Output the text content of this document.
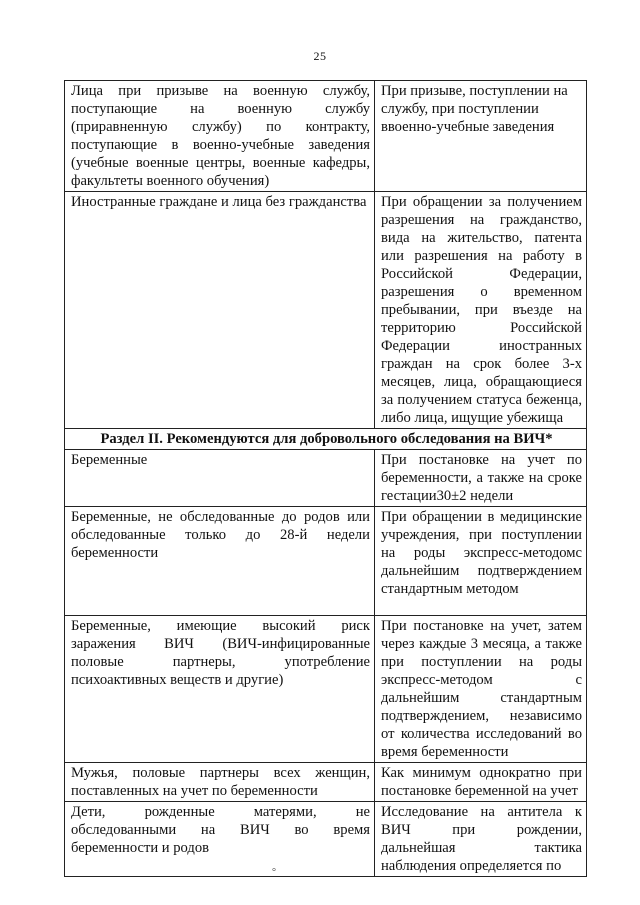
25
Лица при призыве на военную службу, поступающие на военную службу (приравненную службу) по контракту, поступающие в военно-учебные заведения (учебные военные центры, военные кафедры, факультеты военного обучения)	При призыве, поступлении на службу, при поступлении ввоенно-учебные заведения
Иностранные граждане и лица без гражданства	При обращении за получением разрешения на гражданство, вида на жительство, патента или разрешения на работу в Российской Федерации, разрешения о временном пребывании, при въезде на территорию Российской Федерации иностранных граждан на срок более 3-х месяцев, лица, обращающиеся за получением статуса беженца, либо лица, ищущие убежища
Раздел II. Рекомендуются для добровольного обследования на ВИЧ*	
Беременные	При постановке на учет по беременности, а также на сроке гестации30±2 недели
Беременные, не обследованные до родов или обследованные только до 28-й недели беременности	При обращении в медицинские учреждения, при поступлении на роды экспресс-методомс дальнейшим подтверждением стандартным методом
Беременные, имеющие высокий риск заражения ВИЧ (ВИЧ-инфицированные половые партнеры, употребление психоактивных веществ и другие)	При постановке на учет, затем через каждые 3 месяца, а также при поступлении на роды экспресс-методом с дальнейшим стандартным подтверждением, независимо от количества исследований во время беременности
Мужья, половые партнеры всех женщин, поставленных на учет по беременности	Как минимум однократно при постановке беременной на учет
Дети, рожденные матерями, не обследованными на ВИЧ во время беременности и родов	Исследование на антитела к ВИЧ при рождении, дальнейшая тактика наблюдения определяется по
°
